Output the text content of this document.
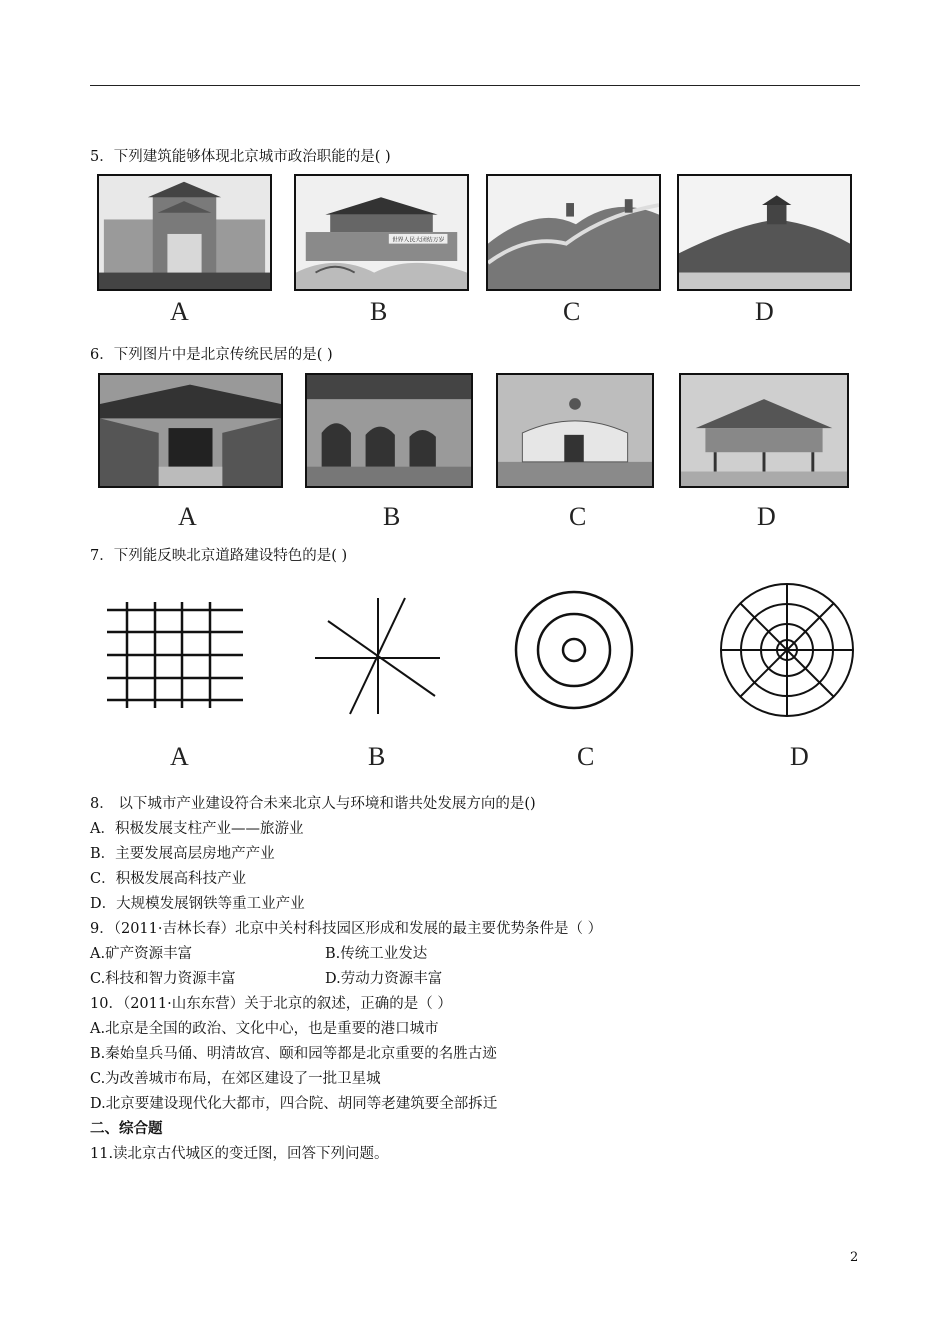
5．下列建筑能够体现北京城市政治职能的是( )
世界人民大团结万岁
A	B	C	D
6．下列图片中是北京传统民居的是( )
A	B	C	D
7．下列能反映北京道路建设特色的是( )
A	B	C	D
8． 以下城市产业建设符合未来北京人与环境和谐共处发展方向的是()
A．积极发展支柱产业——旅游业
B．主要发展高层房地产产业
C．积极发展高科技产业
D．大规模发展钢铁等重工业产业
9．（2011·吉林长春）北京中关村科技园区形成和发展的最主要优势条件是（ ）
A.矿产资源丰富	B.传统工业发达
C.科技和智力资源丰富	D.劳动力资源丰富
10．（2011·山东东营）关于北京的叙述，正确的是（ ）
A.北京是全国的政治、文化中心，也是重要的港口城市
B.秦始皇兵马俑、明清故宫、颐和园等都是北京重要的名胜古迹
C.为改善城市布局，在郊区建设了一批卫星城
D.北京要建设现代化大都市，四合院、胡同等老建筑要全部拆迁
二、综合题
11.读北京古代城区的变迁图，回答下列问题。
2
